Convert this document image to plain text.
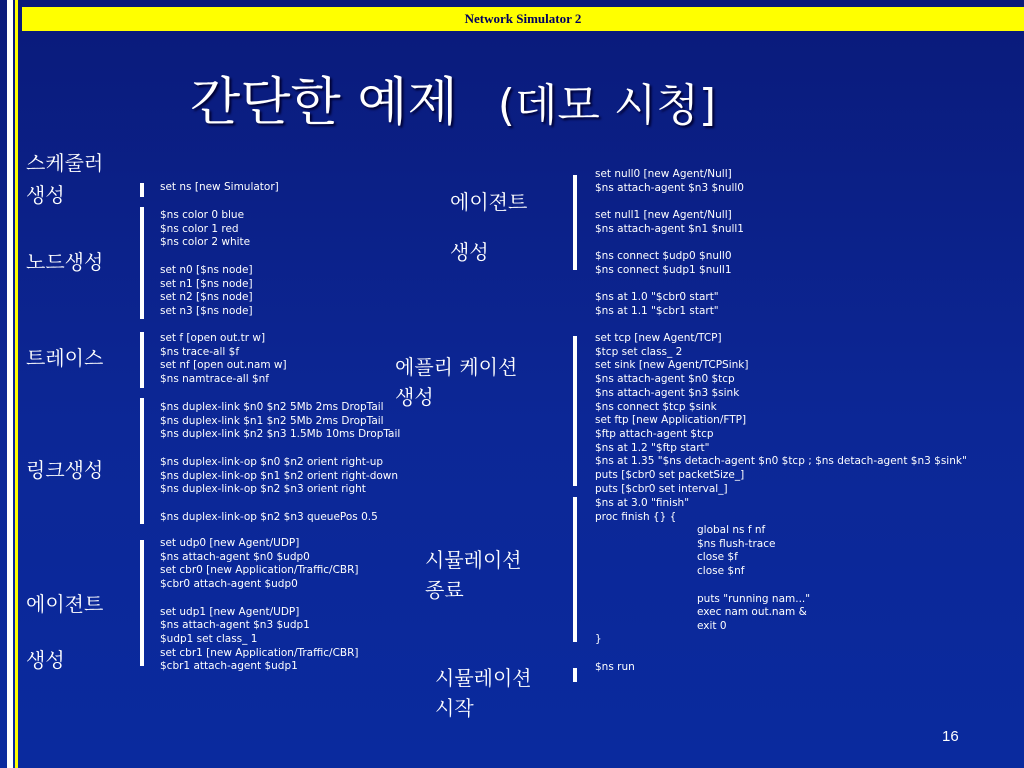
Network Simulator 2
간단한 예제 (데모 시청]
스케줄러
생성
노드생성
트레이스
링크생성
에이젼트

생성
set ns [new Simulator]
$ns color 0 blue
$ns color 1 red
$ns color 2 white

set n0 [$ns node]
set n1 [$ns node]
set n2 [$ns node]
set n3 [$ns node]
set f [open out.tr w]
$ns trace-all $f
set nf [open out.nam w]
$ns namtrace-all $nf
$ns duplex-link $n0 $n2 5Mb 2ms DropTail
$ns duplex-link $n1 $n2 5Mb 2ms DropTail
$ns duplex-link $n2 $n3 1.5Mb 10ms DropTail

$ns duplex-link-op $n0 $n2 orient right-up
$ns duplex-link-op $n1 $n2 orient right-down
$ns duplex-link-op $n2 $n3 orient right

$ns duplex-link-op $n2 $n3 queuePos 0.5
set udp0 [new Agent/UDP]
$ns attach-agent $n0 $udp0
set cbr0 [new Application/Traffic/CBR]
$cbr0 attach-agent $udp0

set udp1 [new Agent/UDP]
$ns attach-agent $n3 $udp1
$udp1 set class_ 1
set cbr1 [new Application/Traffic/CBR]
$cbr1 attach-agent $udp1
에이젼트

생성
에플리 케이션
생성
시뮬레이션
종료
시뮬레이션
시작
set null0 [new Agent/Null]
$ns attach-agent $n3 $null0

set null1 [new Agent/Null]
$ns attach-agent $n1 $null1

$ns connect $udp0 $null0
$ns connect $udp1 $null1

$ns at 1.0 "$cbr0 start"
$ns at 1.1 "$cbr1 start"
set tcp [new Agent/TCP]
$tcp set class_ 2
set sink [new Agent/TCPSink]
$ns attach-agent $n0 $tcp
$ns attach-agent $n3 $sink
$ns connect $tcp $sink
set ftp [new Application/FTP]
$ftp attach-agent $tcp
$ns at 1.2 "$ftp start"
$ns at 1.35 "$ns detach-agent $n0 $tcp ; $ns detach-agent $n3 $sink"
puts [$cbr0 set packetSize_]
puts [$cbr0 set interval_]
$ns at 3.0 "finish"
proc finish {} {
global ns f nf
$ns flush-trace
close $f
close $nf

puts "running nam..."
exec nam out.nam &
exit 0
}
$ns run
16
